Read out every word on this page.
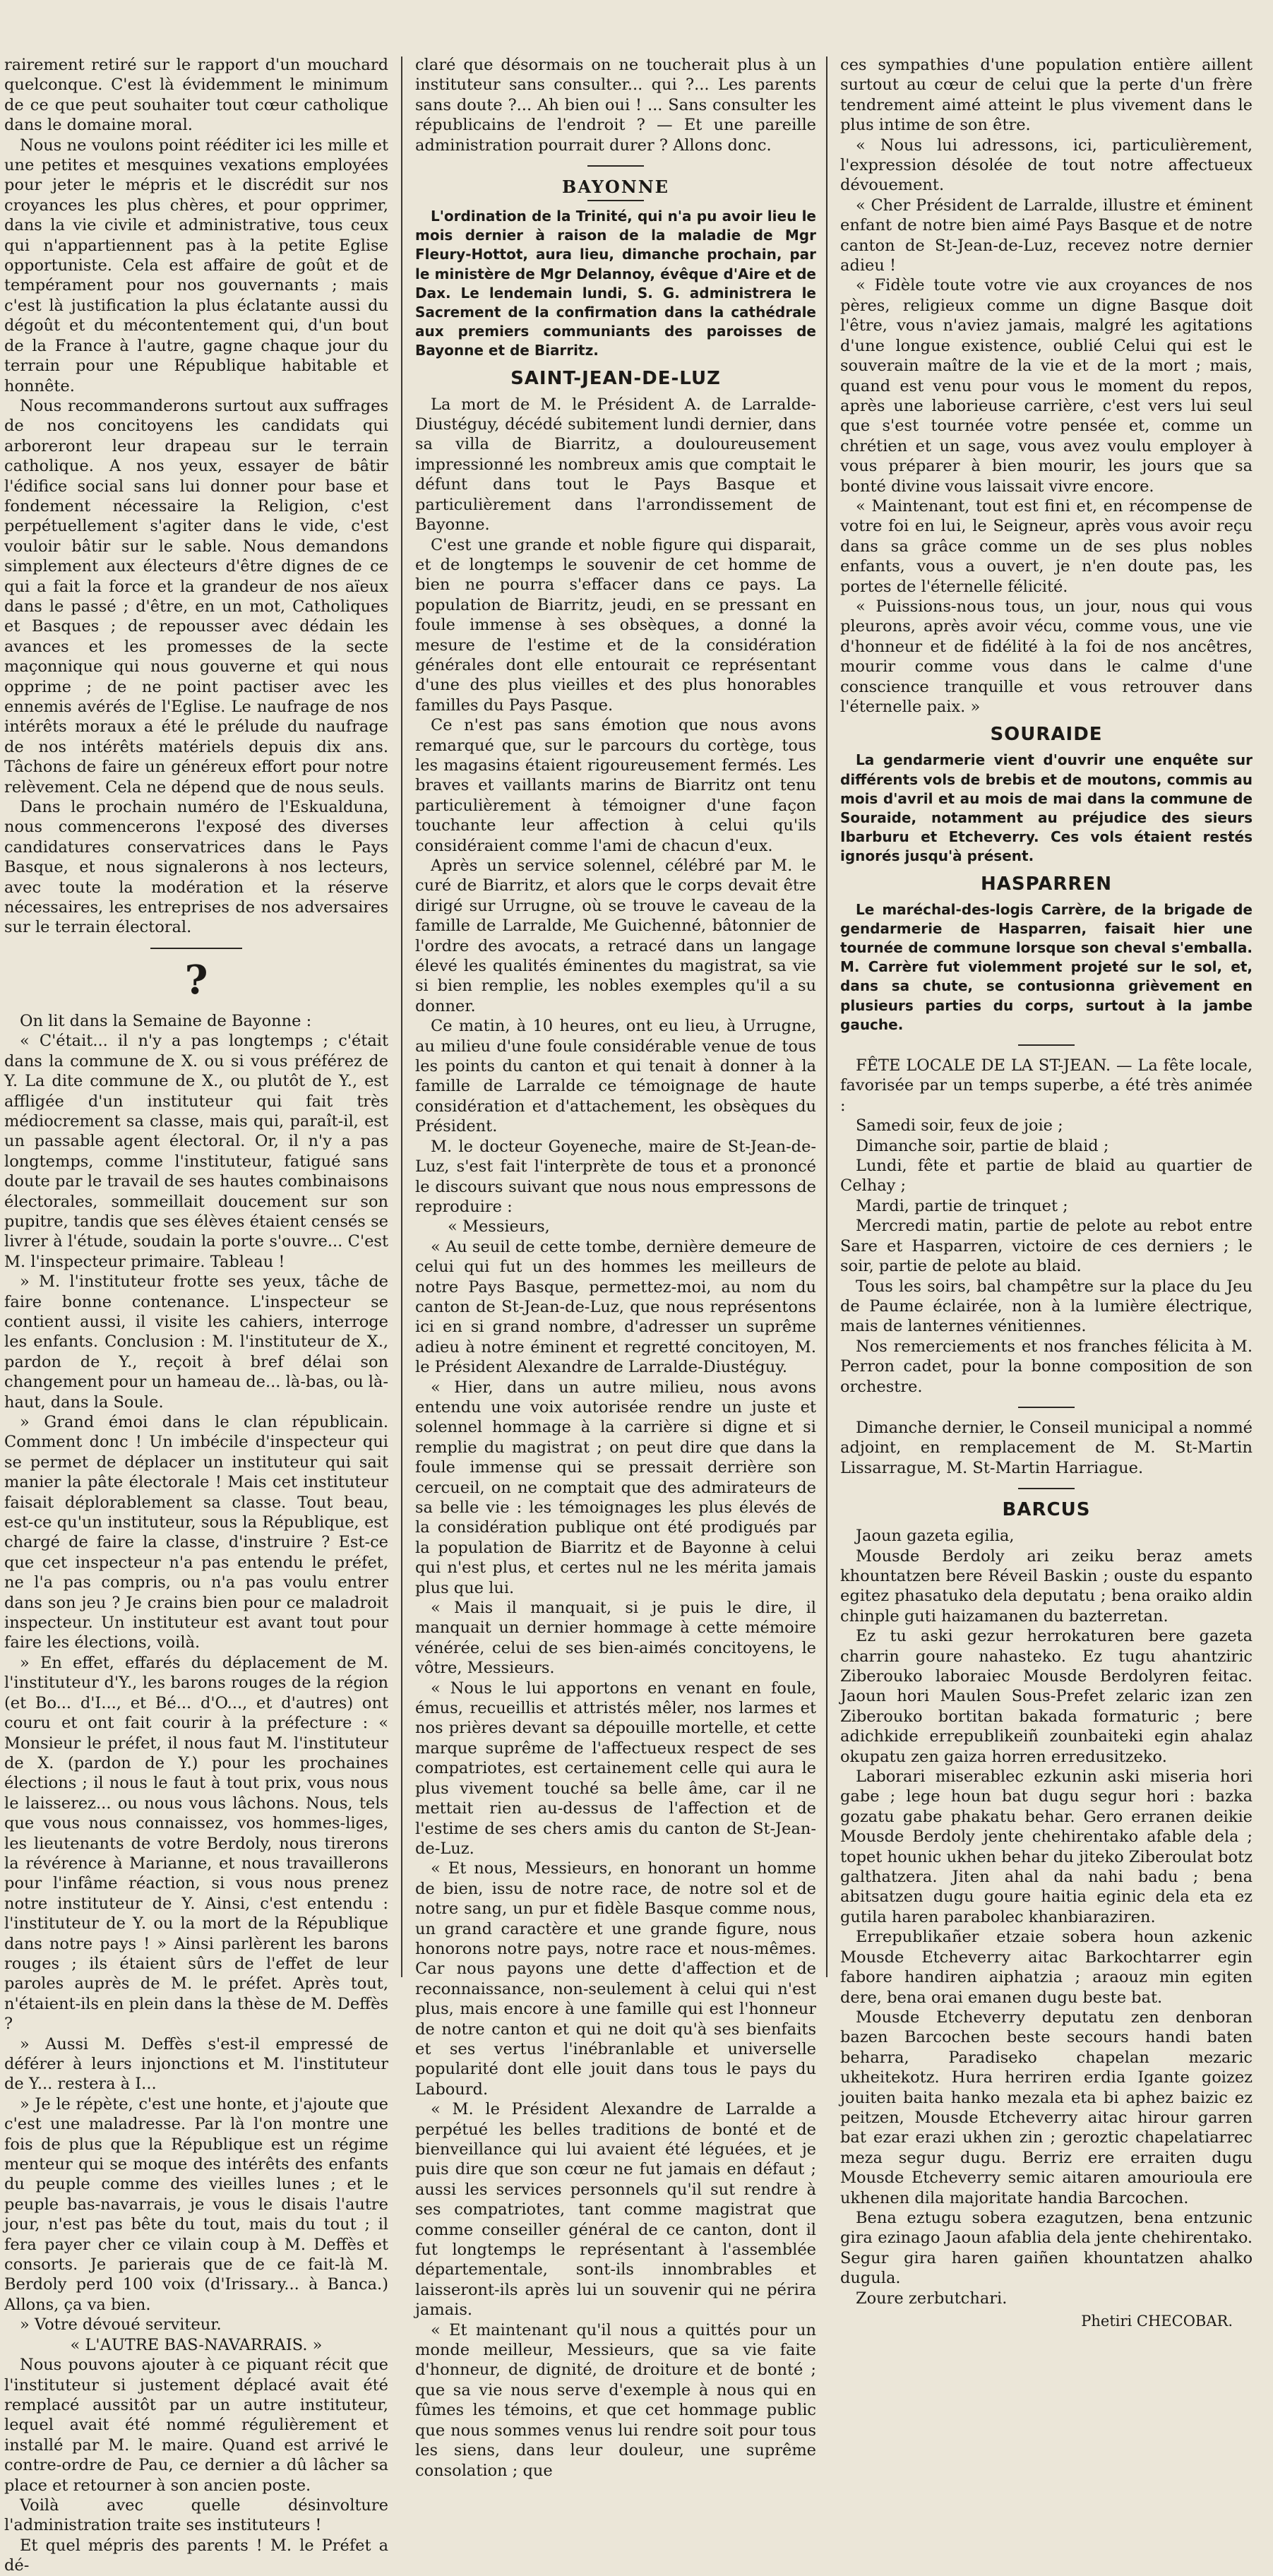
rairement retiré sur le rapport d'un mouchard quelconque. C'est là évidemment le minimum de ce que peut souhaiter tout cœur catholique dans le domaine moral.

Nous ne voulons point rééditer ici les mille et une petites et mesquines vexations employées pour jeter le mépris et le discrédit sur nos croyances les plus chères, et pour opprimer, dans la vie civile et administrative, tous ceux qui n'appartiennent pas à la petite Eglise opportuniste. Cela est affaire de goût et de tempérament pour nos gouvernants ; mais c'est là justification la plus éclatante aussi du dégoût et du mécontentement qui, d'un bout de la France à l'autre, gagne chaque jour du terrain pour une République habitable et honnête.

Nous recommanderons surtout aux suffrages de nos concitoyens les candidats qui arboreront leur drapeau sur le terrain catholique. A nos yeux, essayer de bâtir l'édifice social sans lui donner pour base et fondement nécessaire la Religion, c'est perpétuellement s'agiter dans le vide, c'est vouloir bâtir sur le sable. Nous demandons simplement aux électeurs d'être dignes de ce qui a fait la force et la grandeur de nos aïeux dans le passé ; d'être, en un mot, Catholiques et Basques ; de repousser avec dédain les avances et les promesses de la secte maçonnique qui nous gouverne et qui nous opprime ; de ne point pactiser avec les ennemis avérés de l'Eglise. Le naufrage de nos intérêts moraux a été le prélude du naufrage de nos intérêts matériels depuis dix ans. Tâchons de faire un généreux effort pour notre relèvement. Cela ne dépend que de nous seuls.

Dans le prochain numéro de l'Eskualduna, nous commencerons l'exposé des diverses candidatures conservatrices dans le Pays Basque, et nous signalerons à nos lecteurs, avec toute la modération et la réserve nécessaires, les entreprises de nos adversaires sur le terrain électoral.

?

On lit dans la Semaine de Bayonne :

« C'était... il n'y a pas longtemps ; c'était dans la commune de X. ou si vous préférez de Y. La dite commune de X., ou plutôt de Y., est affligée d'un instituteur qui fait très médiocrement sa classe, mais qui, paraît-il, est un passable agent électoral. Or, il n'y a pas longtemps, comme l'instituteur, fatigué sans doute par le travail de ses hautes combinaisons électorales, sommeillait doucement sur son pupitre, tandis que ses élèves étaient censés se livrer à l'étude, soudain la porte s'ouvre... C'est M. l'inspecteur primaire. Tableau !

» M. l'instituteur frotte ses yeux, tâche de faire bonne contenance. L'inspecteur se contient aussi, il visite les cahiers, interroge les enfants. Conclusion : M. l'instituteur de X., pardon de Y., reçoit à bref délai son changement pour un hameau de... là-bas, ou là-haut, dans la Soule.

» Grand émoi dans le clan républicain. Comment donc ! Un imbécile d'inspecteur qui se permet de déplacer un instituteur qui sait manier la pâte électorale ! Mais cet instituteur faisait déplorablement sa classe. Tout beau, est-ce qu'un instituteur, sous la République, est chargé de faire la classe, d'instruire ? Est-ce que cet inspecteur n'a pas entendu le préfet, ne l'a pas compris, ou n'a pas voulu entrer dans son jeu ? Je crains bien pour ce maladroit inspecteur. Un instituteur est avant tout pour faire les élections, voilà.

» En effet, effarés du déplacement de M. l'instituteur d'Y., les barons rouges de la région (et Bo... d'I..., et Bé... d'O..., et d'autres) ont couru et ont fait courir à la préfecture : « Monsieur le préfet, il nous faut M. l'instituteur de X. (pardon de Y.) pour les prochaines élections ; il nous le faut à tout prix, vous nous le laisserez... ou nous vous lâchons. Nous, tels que vous nous connaissez, vos hommes-liges, les lieutenants de votre Berdoly, nous tirerons la révérence à Marianne, et nous travaillerons pour l'infâme réaction, si vous nous prenez notre instituteur de Y. Ainsi, c'est entendu : l'instituteur de Y. ou la mort de la République dans notre pays ! » Ainsi parlèrent les barons rouges ; ils étaient sûrs de l'effet de leur paroles auprès de M. le préfet. Après tout, n'étaient-ils en plein dans la thèse de M. Deffès ?

» Aussi M. Deffès s'est-il empressé de déférer à leurs injonctions et M. l'instituteur de Y... restera à I...

» Je le répète, c'est une honte, et j'ajoute que c'est une maladresse. Par là l'on montre une fois de plus que la République est un régime menteur qui se moque des intérêts des enfants du peuple comme des vieilles lunes ; et le peuple bas-navarrais, je vous le disais l'autre jour, n'est pas bête du tout, mais du tout ; il fera payer cher ce vilain coup à M. Deffès et consorts. Je parierais que de ce fait-là M. Berdoly perd 100 voix (d'Irissary... à Banca.) Allons, ça va bien.

» Votre dévoué serviteur.

« L'AUTRE BAS-NAVARRAIS. »

Nous pouvons ajouter à ce piquant récit que l'instituteur si justement déplacé avait été remplacé aussitôt par un autre instituteur, lequel avait été nommé régulièrement et installé par M. le maire. Quand est arrivé le contre-ordre de Pau, ce dernier a dû lâcher sa place et retourner à son ancien poste.

Voilà avec quelle désinvolture l'administration traite ses instituteurs !

Et quel mépris des parents ! M. le Préfet a dé-

claré que désormais on ne toucherait plus à un instituteur sans consulter... qui ?... Les parents sans doute ?... Ah bien oui ! ... Sans consulter les républicains de l'endroit ? — Et une pareille administration pourrait durer ? Allons donc.

BAYONNE

L'ordination de la Trinité, qui n'a pu avoir lieu le mois dernier à raison de la maladie de Mgr Fleury-Hottot, aura lieu, dimanche prochain, par le ministère de Mgr Delannoy, évêque d'Aire et de Dax. Le lendemain lundi, S. G. administrera le Sacrement de la confirmation dans la cathédrale aux premiers communiants des paroisses de Bayonne et de Biarritz.

SAINT-JEAN-DE-LUZ

La mort de M. le Président A. de Larralde-Diustéguy, décédé subitement lundi dernier, dans sa villa de Biarritz, a douloureusement impressionné les nombreux amis que comptait le défunt dans tout le Pays Basque et particulièrement dans l'arrondissement de Bayonne.

C'est une grande et noble figure qui disparait, et de longtemps le souvenir de cet homme de bien ne pourra s'effacer dans ce pays. La population de Biarritz, jeudi, en se pressant en foule immense à ses obsèques, a donné la mesure de l'estime et de la considération générales dont elle entourait ce représentant d'une des plus vieilles et des plus honorables familles du Pays Pasque.

Ce n'est pas sans émotion que nous avons remarqué que, sur le parcours du cortège, tous les magasins étaient rigoureusement fermés. Les braves et vaillants marins de Biarritz ont tenu particulièrement à témoigner d'une façon touchante leur affection à celui qu'ils considéraient comme l'ami de chacun d'eux.

Après un service solennel, célébré par M. le curé de Biarritz, et alors que le corps devait être dirigé sur Urrugne, où se trouve le caveau de la famille de Larralde, Me Guichenné, bâtonnier de l'ordre des avocats, a retracé dans un langage élevé les qualités éminentes du magistrat, sa vie si bien remplie, les nobles exemples qu'il a su donner.

Ce matin, à 10 heures, ont eu lieu, à Urrugne, au milieu d'une foule considérable venue de tous les points du canton et qui tenait à donner à la famille de Larralde ce témoignage de haute considération et d'attachement, les obsèques du Président.

M. le docteur Goyeneche, maire de St-Jean-de-Luz, s'est fait l'interprète de tous et a prononcé le discours suivant que nous nous empressons de reproduire :

« Messieurs,

« Au seuil de cette tombe, dernière demeure de celui qui fut un des hommes les meilleurs de notre Pays Basque, permettez-moi, au nom du canton de St-Jean-de-Luz, que nous représentons ici en si grand nombre, d'adresser un suprême adieu à notre éminent et regretté concitoyen, M. le Président Alexandre de Larralde-Diustéguy.

« Hier, dans un autre milieu, nous avons entendu une voix autorisée rendre un juste et solennel hommage à la carrière si digne et si remplie du magistrat ; on peut dire que dans la foule immense qui se pressait derrière son cercueil, on ne comptait que des admirateurs de sa belle vie : les témoignages les plus élevés de la considération publique ont été prodigués par la population de Biarritz et de Bayonne à celui qui n'est plus, et certes nul ne les mérita jamais plus que lui.

« Mais il manquait, si je puis le dire, il manquait un dernier hommage à cette mémoire vénérée, celui de ses bien-aimés concitoyens, le vôtre, Messieurs.

« Nous le lui apportons en venant en foule, émus, recueillis et attristés mêler, nos larmes et nos prières devant sa dépouille mortelle, et cette marque suprême de l'affectueux respect de ses compatriotes, est certainement celle qui aura le plus vivement touché sa belle âme, car il ne mettait rien au-dessus de l'affection et de l'estime de ses chers amis du canton de St-Jean-de-Luz.

« Et nous, Messieurs, en honorant un homme de bien, issu de notre race, de notre sol et de notre sang, un pur et fidèle Basque comme nous, un grand caractère et une grande figure, nous honorons notre pays, notre race et nous-mêmes. Car nous payons une dette d'affection et de reconnaissance, non-seulement à celui qui n'est plus, mais encore à une famille qui est l'honneur de notre canton et qui ne doit qu'à ses bienfaits et ses vertus l'inébranlable et universelle popularité dont elle jouit dans tous le pays du Labourd.

« M. le Président Alexandre de Larralde a perpétué les belles traditions de bonté et de bienveillance qui lui avaient été léguées, et je puis dire que son cœur ne fut jamais en défaut ; aussi les services personnels qu'il sut rendre à ses compatriotes, tant comme magistrat que comme conseiller général de ce canton, dont il fut longtemps le représentant à l'assemblée départementale, sont-ils innombrables et laisseront-ils après lui un souvenir qui ne périra jamais.

« Et maintenant qu'il nous a quittés pour un monde meilleur, Messieurs, que sa vie faite d'honneur, de dignité, de droiture et de bonté ; que sa vie nous serve d'exemple à nous qui en fûmes les témoins, et que cet hommage public que nous sommes venus lui rendre soit pour tous les siens, dans leur douleur, une suprême consolation ; que

ces sympathies d'une population entière aillent surtout au cœur de celui que la perte d'un frère tendrement aimé atteint le plus vivement dans le plus intime de son être.

« Nous lui adressons, ici, particulièrement, l'expression désolée de tout notre affectueux dévouement.

« Cher Président de Larralde, illustre et éminent enfant de notre bien aimé Pays Basque et de notre canton de St-Jean-de-Luz, recevez notre dernier adieu !

« Fidèle toute votre vie aux croyances de nos pères, religieux comme un digne Basque doit l'être, vous n'aviez jamais, malgré les agitations d'une longue existence, oublié Celui qui est le souverain maître de la vie et de la mort ; mais, quand est venu pour vous le moment du repos, après une laborieuse carrière, c'est vers lui seul que s'est tournée votre pensée et, comme un chrétien et un sage, vous avez voulu employer à vous préparer à bien mourir, les jours que sa bonté divine vous laissait vivre encore.

« Maintenant, tout est fini et, en récompense de votre foi en lui, le Seigneur, après vous avoir reçu dans sa grâce comme un de ses plus nobles enfants, vous a ouvert, je n'en doute pas, les portes de l'éternelle félicité.

« Puissions-nous tous, un jour, nous qui vous pleurons, après avoir vécu, comme vous, une vie d'honneur et de fidélité à la foi de nos ancêtres, mourir comme vous dans le calme d'une conscience tranquille et vous retrouver dans l'éternelle paix. »

SOURAIDE

La gendarmerie vient d'ouvrir une enquête sur différents vols de brebis et de moutons, commis au mois d'avril et au mois de mai dans la commune de Souraide, notamment au préjudice des sieurs Ibarburu et Etcheverry. Ces vols étaient restés ignorés jusqu'à présent.

HASPARREN

Le maréchal-des-logis Carrère, de la brigade de gendarmerie de Hasparren, faisait hier une tournée de commune lorsque son cheval s'emballa. M. Carrère fut violemment projeté sur le sol, et, dans sa chute, se contusionna grièvement en plusieurs parties du corps, surtout à la jambe gauche.

FÊTE LOCALE DE LA ST-JEAN. — La fête locale, favorisée par un temps superbe, a été très animée :

Samedi soir, feux de joie ;

Dimanche soir, partie de blaid ;

Lundi, fête et partie de blaid au quartier de Celhay ;

Mardi, partie de trinquet ;

Mercredi matin, partie de pelote au rebot entre Sare et Hasparren, victoire de ces derniers ; le soir, partie de pelote au blaid.

Tous les soirs, bal champêtre sur la place du Jeu de Paume éclairée, non à la lumière électrique, mais de lanternes vénitiennes.

Nos remerciements et nos franches félicita à M. Perron cadet, pour la bonne composition de son orchestre.

Dimanche dernier, le Conseil municipal a nommé adjoint, en remplacement de M. St-Martin Lissarrague, M. St-Martin Harriague.

BARCUS

Jaoun gazeta egilia,

Mousde Berdoly ari zeiku beraz amets khountatzen bere Réveil Baskin ; ouste du espanto egitez phasatuko dela deputatu ; bena oraiko aldin chinple guti haizamanen du bazterretan.

Ez tu aski gezur herrokaturen bere gazeta charrin goure nahasteko. Ez tugu ahantziric Ziberouko laboraiec Mousde Berdolyren feitac. Jaoun hori Maulen Sous-Prefet zelaric izan zen Ziberouko bortitan bakada formaturic ; bere adichkide errepublikeiñ zounbaiteki egin ahalaz okupatu zen gaiza horren erredusitzeko.

Laborari miserablec ezkunin aski miseria hori gabe ; lege houn bat dugu segur hori : bazka gozatu gabe phakatu behar. Gero erranen deikie Mousde Berdoly jente chehirentako afable dela ; topet hounic ukhen behar du jiteko Ziberoulat botz galthatzera. Jiten ahal da nahi badu ; bena abitsatzen dugu goure haitia eginic dela eta ez gutila haren parabolec khanbiaraziren.

Errepublikañer etzaie sobera houn azkenic Mousde Etcheverry aitac Barkochtarrer egin fabore handiren aiphatzia ; araouz min egiten dere, bena orai emanen dugu beste bat.

Mousde Etcheverry deputatu zen denboran bazen Barcochen beste secours handi baten beharra, Paradiseko chapelan mezaric ukheitekotz. Hura herriren erdia Igante goizez jouiten baita hanko mezala eta bi aphez baizic ez peitzen, Mousde Etcheverry aitac hirour garren bat ezar erazi ukhen zin ; geroztic chapelatiarrec meza segur dugu. Berriz ere erraiten dugu Mousde Etcheverry semic aitaren amourioula ere ukhenen dila majoritate handia Barcochen.

Bena eztugu sobera ezagutzen, bena entzunic gira ezinago Jaoun afablia dela jente chehirentako. Segur gira haren gaiñen khountatzen ahalko dugula.

Zoure zerbutchari.

Phetiri CHECOBAR.
